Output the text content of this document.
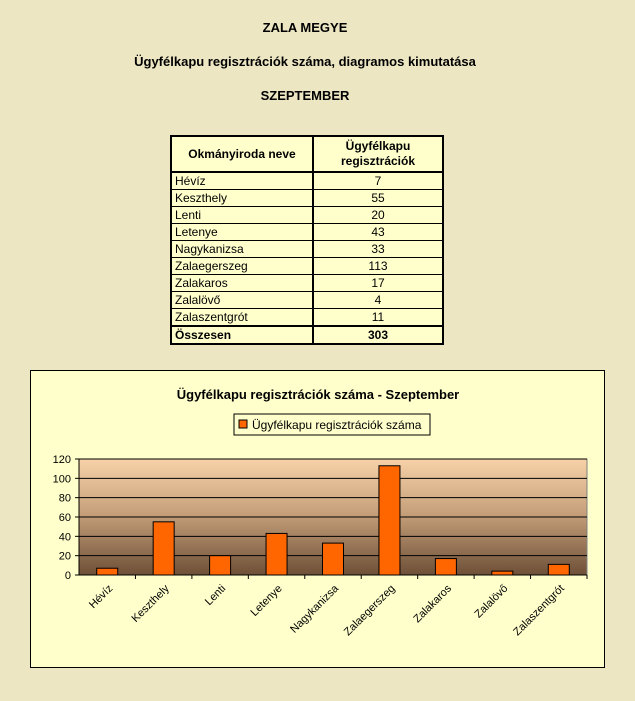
ZALA MEGYE
Ügyfélkapu regisztrációk száma, diagramos kimutatása
SZEPTEMBER
Okmányiroda neve	Ügyfélkapu
regisztrációk
Hévíz	7
Keszthely	55
Lenti	20
Letenye	43
Nagykanizsa	33
Zalaegerszeg	113
Zalakaros	17
Zalalövő	4
Zalaszentgrót	11
Összesen	303
Ügyfélkapu regisztrációk száma - Szeptember
Ügyfélkapu regisztrációk száma
0
20
40
60
80
100
120
Hévíz Keszthely	Lenti Letenye Nagykanizsa Zalaegerszeg Zalakaros Zalalövő Zalaszentgrót
